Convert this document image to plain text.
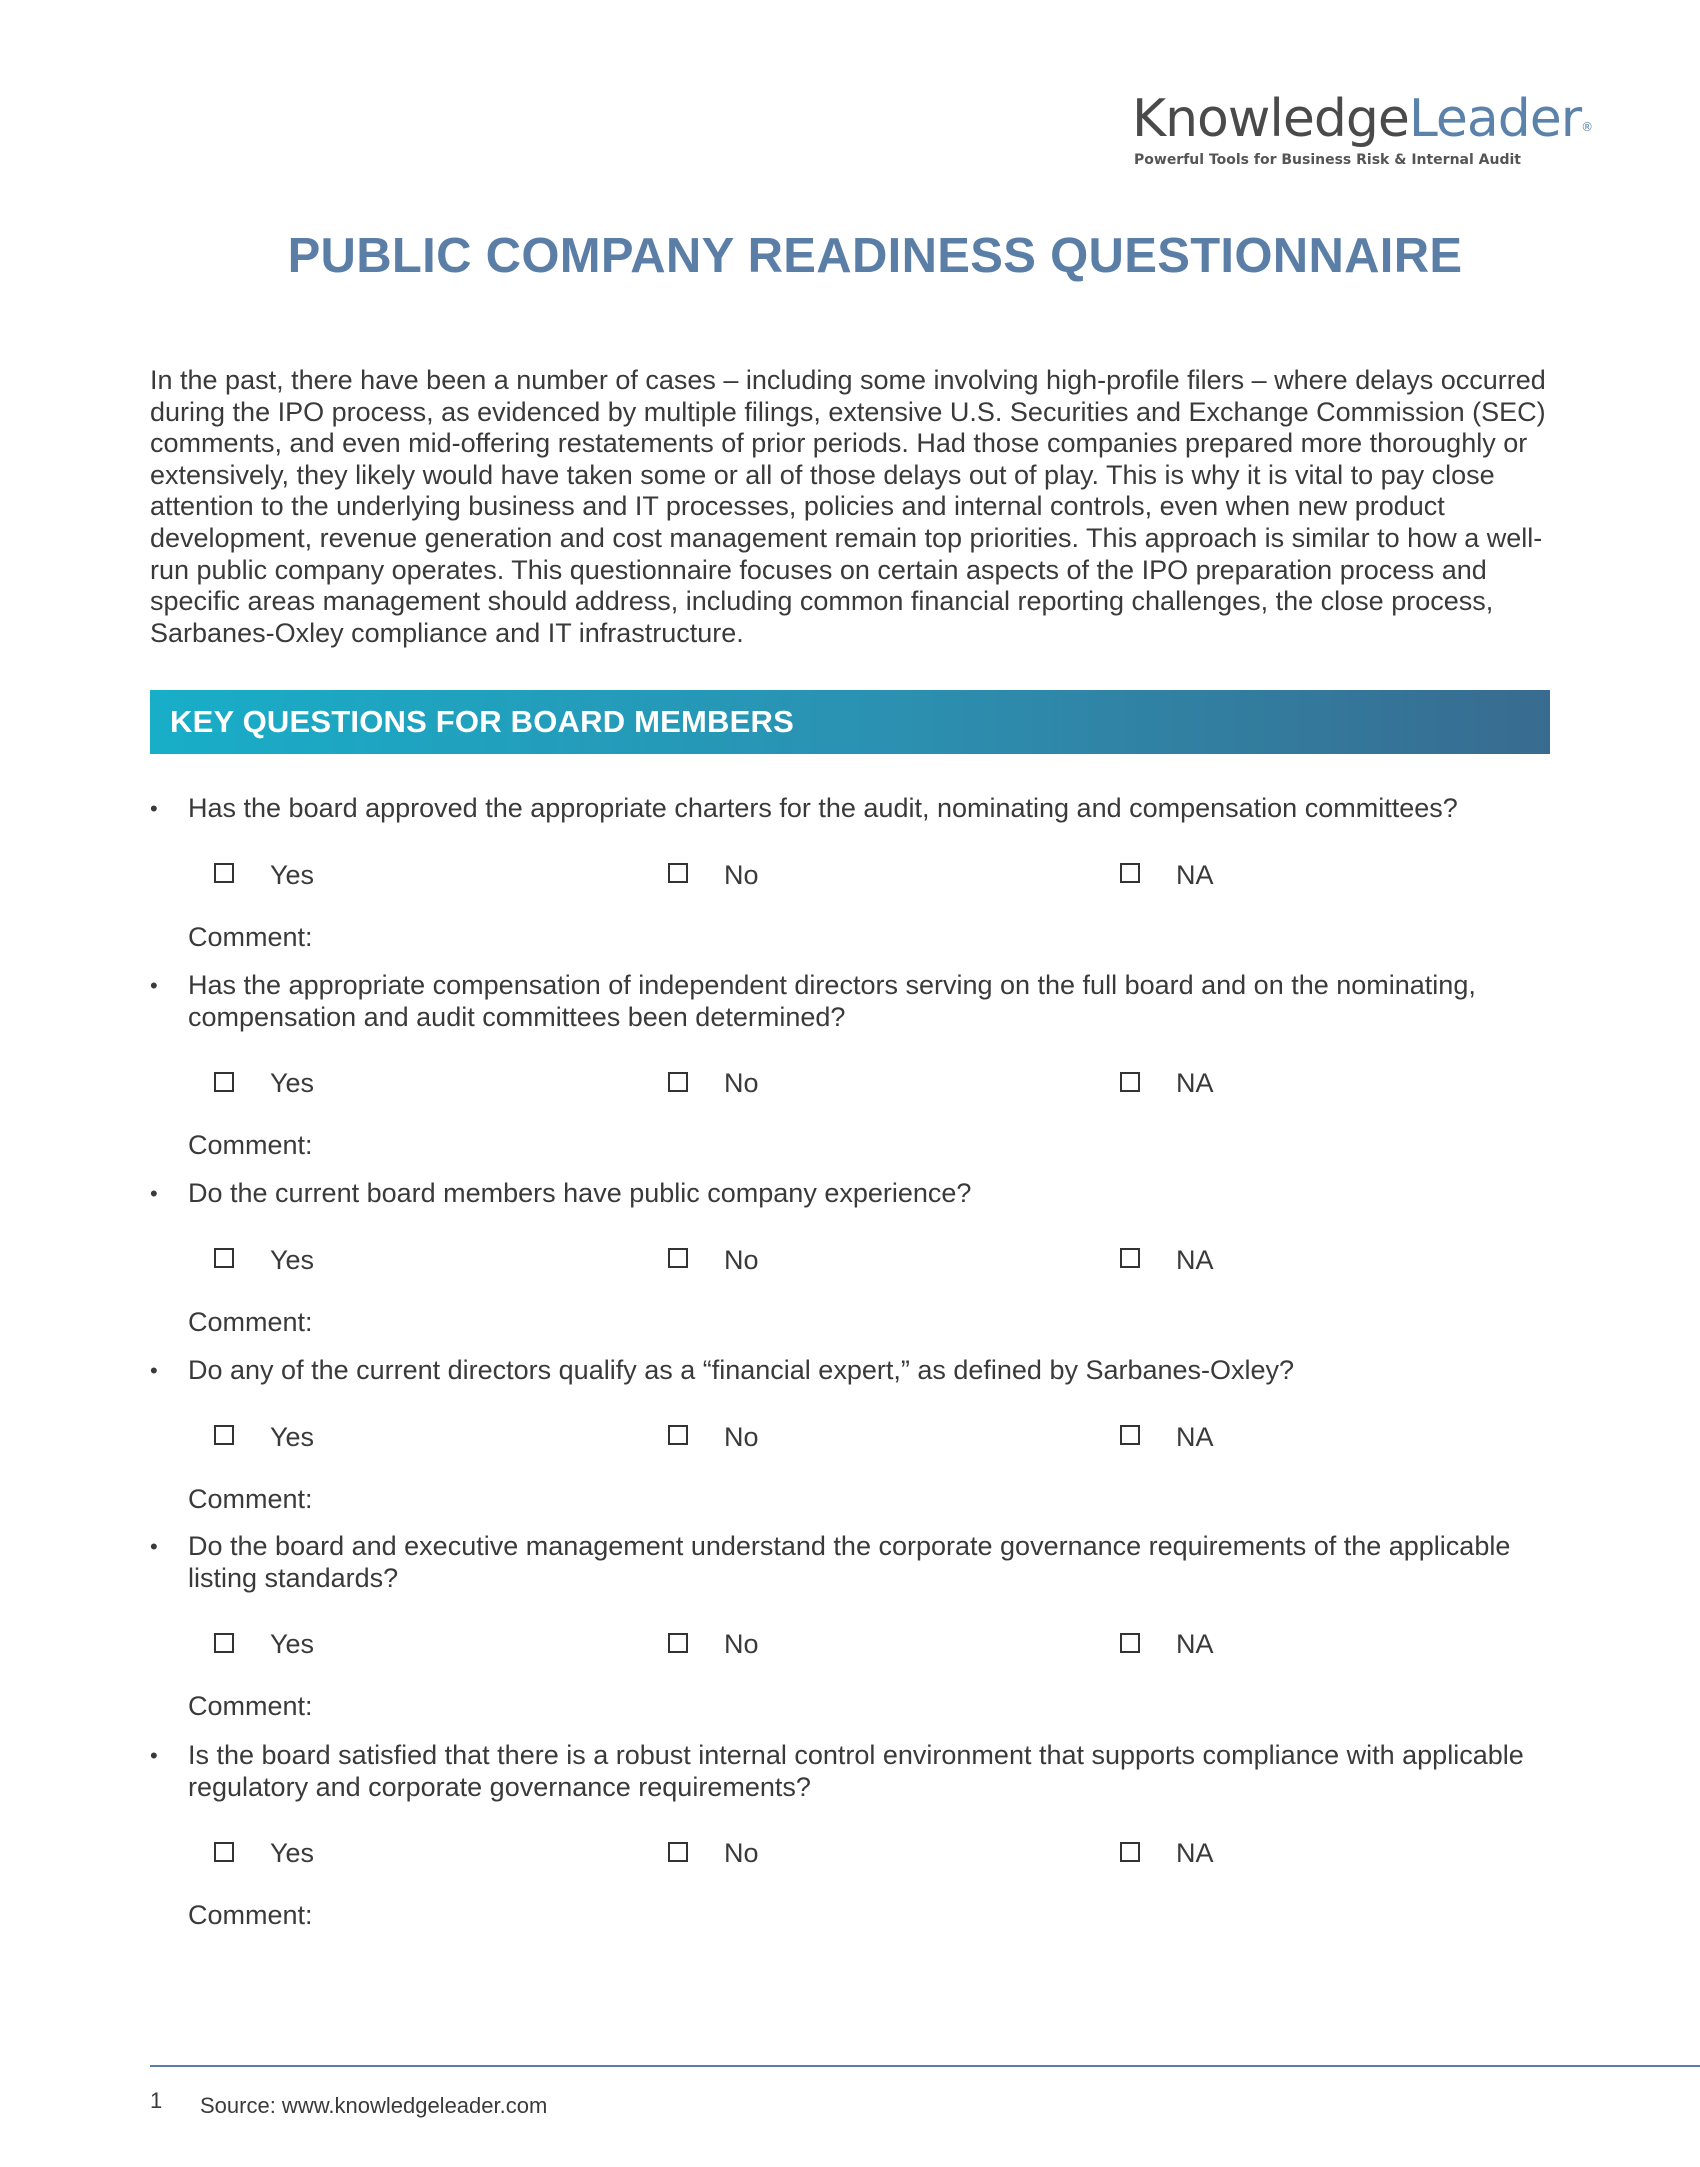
KnowledgeLeader®
Powerful Tools for Business Risk & Internal Audit
PUBLIC COMPANY READINESS QUESTIONNAIRE

In the past, there have been a number of cases – including some involving high-profile filers – where delays occurred during the IPO process, as evidenced by multiple filings, extensive U.S. Securities and Exchange Commission (SEC) comments, and even mid-offering restatements of prior periods. Had those companies prepared more thoroughly or extensively, they likely would have taken some or all of those delays out of play. This is why it is vital to pay close attention to the underlying business and IT processes, policies and internal controls, even when new product development, revenue generation and cost management remain top priorities. This approach is similar to how a well-run public company operates. This questionnaire focuses on certain aspects of the IPO preparation process and specific areas management should address, including common financial reporting challenges, the close process, Sarbanes-Oxley compliance and IT infrastructure.

KEY QUESTIONS FOR BOARD MEMBERS
• Has the board approved the appropriate charters for the audit, nominating and compensation committees?
Yes	No	NA
Comment:
• Has the appropriate compensation of independent directors serving on the full board and on the nominating, compensation and audit committees been determined?
Yes	No	NA
Comment:
• Do the current board members have public company experience?
Yes	No	NA
Comment:
• Do any of the current directors qualify as a “financial expert,” as defined by Sarbanes-Oxley?
Yes	No	NA
Comment:
• Do the board and executive management understand the corporate governance requirements of the applicable listing standards?
Yes	No	NA
Comment:
• Is the board satisfied that there is a robust internal control environment that supports compliance with applicable regulatory and corporate governance requirements?
Yes	No	NA
Comment:
1 Source: www.knowledgeleader.com
